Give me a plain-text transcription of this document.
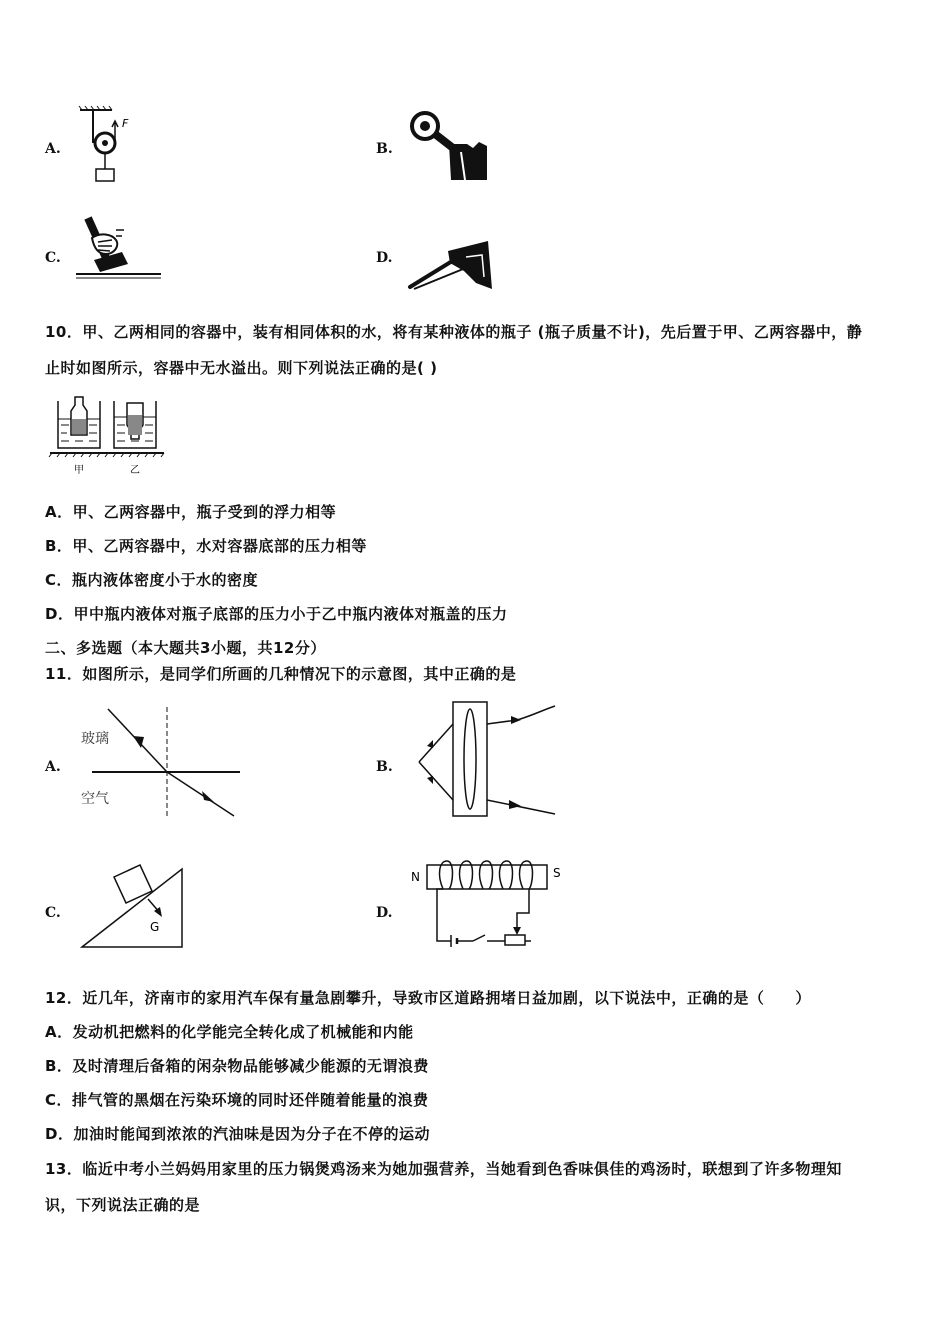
A.
F
B.
C.	D.
10．甲、乙两相同的容器中，装有相同体积的水，将有某种液体的瓶子 (瓶子质量不计)，先后置于甲、乙两容器中，静
止时如图所示，容器中无水溢出。则下列说法正确的是( )
甲	乙
A．甲、乙两容器中，瓶子受到的浮力相等
B．甲、乙两容器中，水对容器底部的压力相等
C．瓶内液体密度小于水的密度
D．甲中瓶内液体对瓶子底部的压力小于乙中瓶内液体对瓶盖的压力
二、多选题（本大题共3小题，共12分）
11．如图所示，是同学们所画的几种情况下的示意图，其中正确的是
A.
玻璃
空气
B.
C.
G
D.
N	S
12．近几年，济南市的家用汽车保有量急剧攀升，导致市区道路拥堵日益加剧，以下说法中，正确的是（　　）
A．发动机把燃料的化学能完全转化成了机械能和内能
B．及时清理后备箱的闲杂物品能够减少能源的无谓浪费
C．排气管的黑烟在污染环境的同时还伴随着能量的浪费
D．加油时能闻到浓浓的汽油味是因为分子在不停的运动
13．临近中考小兰妈妈用家里的压力锅煲鸡汤来为她加强营养，当她看到色香味俱佳的鸡汤时，联想到了许多物理知
识，下列说法正确的是
